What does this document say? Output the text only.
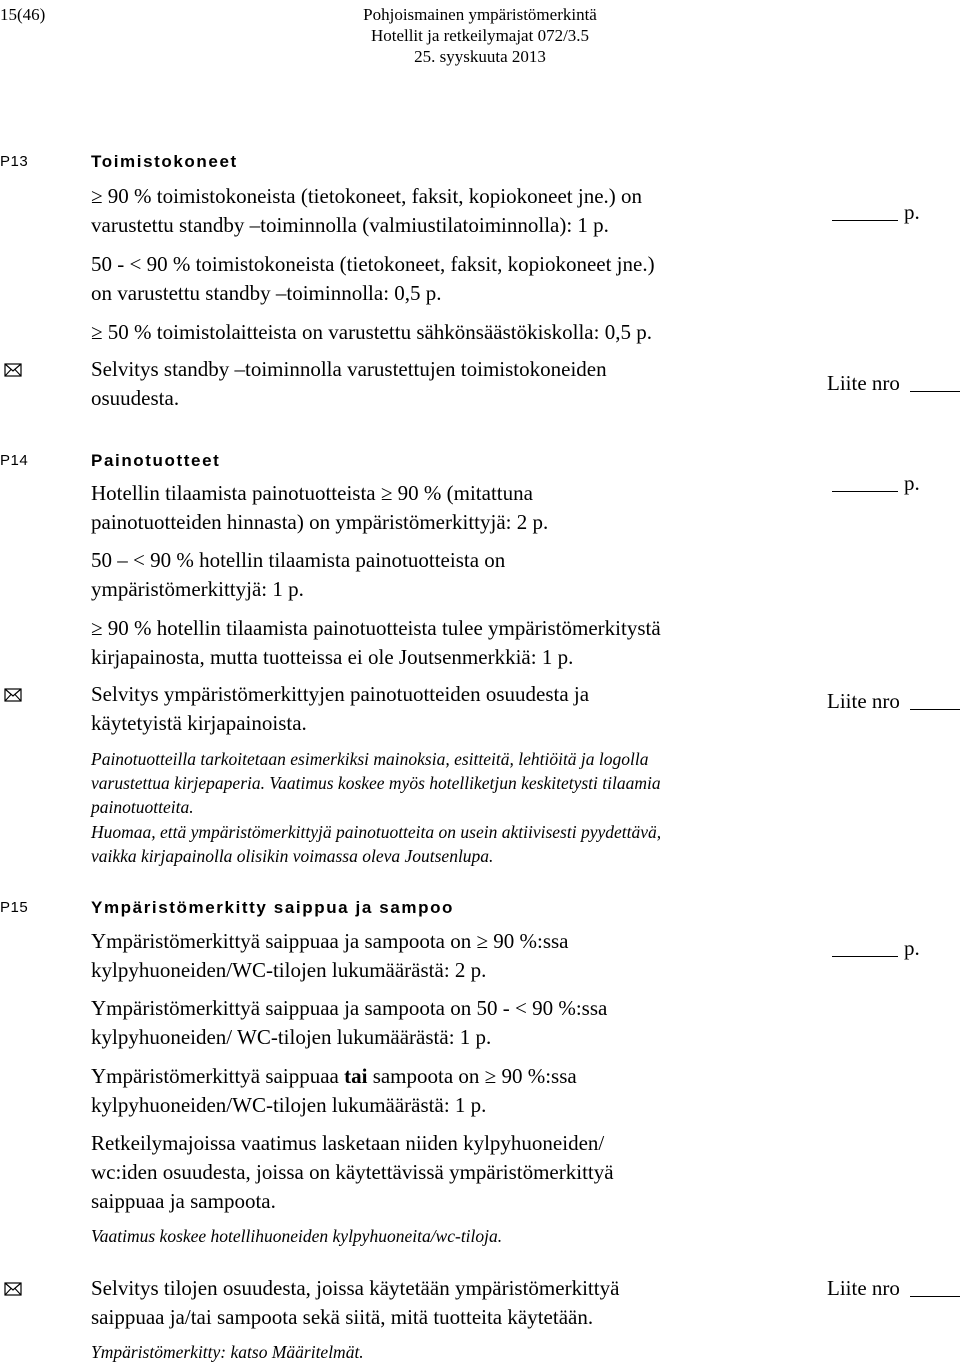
15(46)	Pohjoismainen ympäristömerkintä
Hotellit ja retkeilymajat 072/3.5
25. syyskuuta 2013
P13	Toimistokoneet
≥ 90 % toimistokoneista (tietokoneet, faksit, kopiokoneet jne.) on
varustettu standby –toiminnolla (valmiustilatoiminnolla): 1 p.
50 - < 90 % toimistokoneista (tietokoneet, faksit, kopiokoneet jne.)
on varustettu standby –toiminnolla: 0,5 p.
≥ 50 % toimistolaitteista on varustettu sähkönsäästökiskolla: 0,5 p.
Selvitys standby –toiminnolla varustettujen toimistokoneiden
osuudesta.
p.
Liite nro
P14	Painotuotteet
Hotellin tilaamista painotuotteista ≥ 90 % (mitattuna
painotuotteiden hinnasta) on ympäristömerkittyjä: 2 p.
50 – < 90 % hotellin tilaamista painotuotteista on
ympäristömerkittyjä: 1 p.
≥ 90 % hotellin tilaamista painotuotteista tulee ympäristömerkitystä
kirjapainosta, mutta tuotteissa ei ole Joutsenmerkkiä: 1 p.
Selvitys ympäristömerkittyjen painotuotteiden osuudesta ja
käytetyistä kirjapainoista.
Painotuotteilla tarkoitetaan esimerkiksi mainoksia, esitteitä, lehtiöitä ja logolla
varustettua kirjepaperia. Vaatimus koskee myös hotelliketjun keskitetysti tilaamia
painotuotteita.
Huomaa, että ympäristömerkittyjä painotuotteita on usein aktiivisesti pyydettävä,
vaikka kirjapainolla olisikin voimassa oleva Joutsenlupa.
p.
Liite nro
P15	Ympäristömerkitty saippua ja sampoo
Ympäristömerkittyä saippuaa ja sampoota on ≥ 90 %:ssa
kylpyhuoneiden/WC-tilojen lukumäärästä: 2 p.
Ympäristömerkittyä saippuaa ja sampoota on 50 - < 90 %:ssa
kylpyhuoneiden/ WC-tilojen lukumäärästä: 1 p.
Ympäristömerkittyä saippuaa tai sampoota on ≥ 90 %:ssa
kylpyhuoneiden/WC-tilojen lukumäärästä: 1 p.
Retkeilymajoissa vaatimus lasketaan niiden kylpyhuoneiden/
wc:iden osuudesta, joissa on käytettävissä ympäristömerkittyä
saippuaa ja sampoota.
Vaatimus koskee hotellihuoneiden kylpyhuoneita/wc-tiloja.
Selvitys tilojen osuudesta, joissa käytetään ympäristömerkittyä
saippuaa ja/tai sampoota sekä siitä, mitä tuotteita käytetään.
Ympäristömerkitty: katso Määritelmät.
p.
Liite nro
